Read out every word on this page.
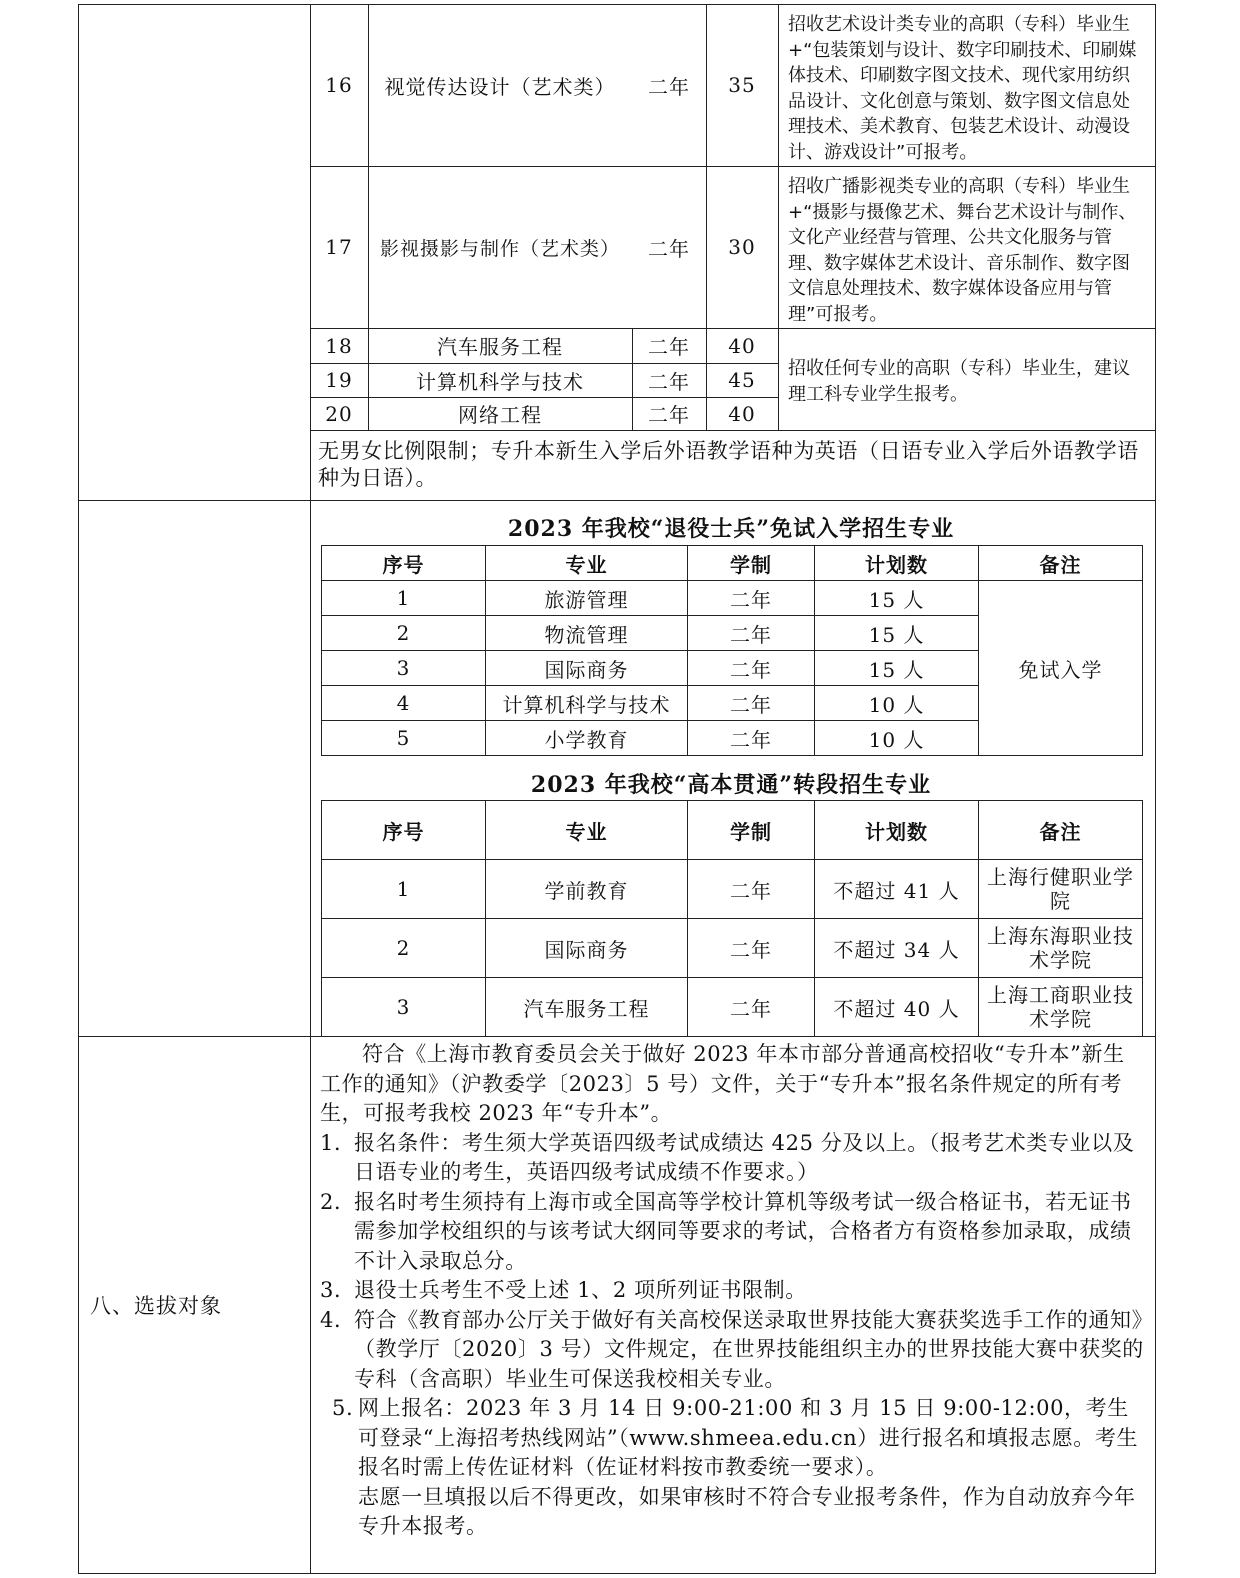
16	视觉传达设计（艺术类）	二年	35
招收艺术设计类专业的高职（专科）毕业生+“包装策划与设计、数字印刷技术、印刷媒体技术、印刷数字图文技术、现代家用纺织品设计、文化创意与策划、数字图文信息处理技术、美术教育、包装艺术设计、动漫设计、游戏设计”可报考。
17	影视摄影与制作（艺术类）	二年	30
招收广播影视类专业的高职（专科）毕业生+“摄影与摄像艺术、舞台艺术设计与制作、文化产业经营与管理、公共文化服务与管理、数字媒体艺术设计、音乐制作、数字图文信息处理技术、数字媒体设备应用与管理”可报考。
18	汽车服务工程	二年	40
19	计算机科学与技术	二年	45
20	网络工程	二年	40
招收任何专业的高职（专科）毕业生，建议理工科专业学生报考。
无男女比例限制；专升本新生入学后外语教学语种为英语（日语专业入学后外语教学语种为日语）。
2023 年我校“退役士兵”免试入学招生专业
序号	专业	学制	计划数	备注
1	旅游管理	二年	15 人	免试入学
2	物流管理	二年	15 人	
3	国际商务	二年	15 人	
4	计算机科学与技术	二年	10 人	
5	小学教育	二年	10 人	
2023 年我校“高本贯通”转段招生专业
序号	专业	学制	计划数	备注
1	学前教育	二年	不超过 41 人	上海行健职业学院
2	国际商务	二年	不超过 34 人	上海东海职业技术学院
3	汽车服务工程	二年	不超过 40 人	上海工商职业技术学院
八、选拔对象
符合《上海市教育委员会关于做好 2023 年本市部分普通高校招收“专升本”新生工作的通知》（沪教委学〔2023〕5 号）文件，关于“专升本”报名条件规定的所有考生，可报考我校 2023 年“专升本”。
1．
报名条件：考生须大学英语四级考试成绩达 425 分及以上。（报考艺术类专业以及日语专业的考生，英语四级考试成绩不作要求。）
2．
报名时考生须持有上海市或全国高等学校计算机等级考试一级合格证书，若无证书需参加学校组织的与该考试大纲同等要求的考试，合格者方有资格参加录取，成绩不计入录取总分。
3．
退役士兵考生不受上述 1、2 项所列证书限制。
4．
符合《教育部办公厅关于做好有关高校保送录取世界技能大赛获奖选手工作的通知》（教学厅〔2020〕3 号）文件规定，在世界技能组织主办的世界技能大赛中获奖的专科（含高职）毕业生可保送我校相关专业。
5. 网上报名：2023 年 3 月 14 日 9:00-21:00 和 3 月 15 日 9:00-12:00，考生可登录“上海招考热线网站”（www.shmeea.edu.cn）进行报名和填报志愿。考生报名时需上传佐证材料（佐证材料按市教委统一要求）。
志愿一旦填报以后不得更改，如果审核时不符合专业报考条件，作为自动放弃今年专升本报考。
